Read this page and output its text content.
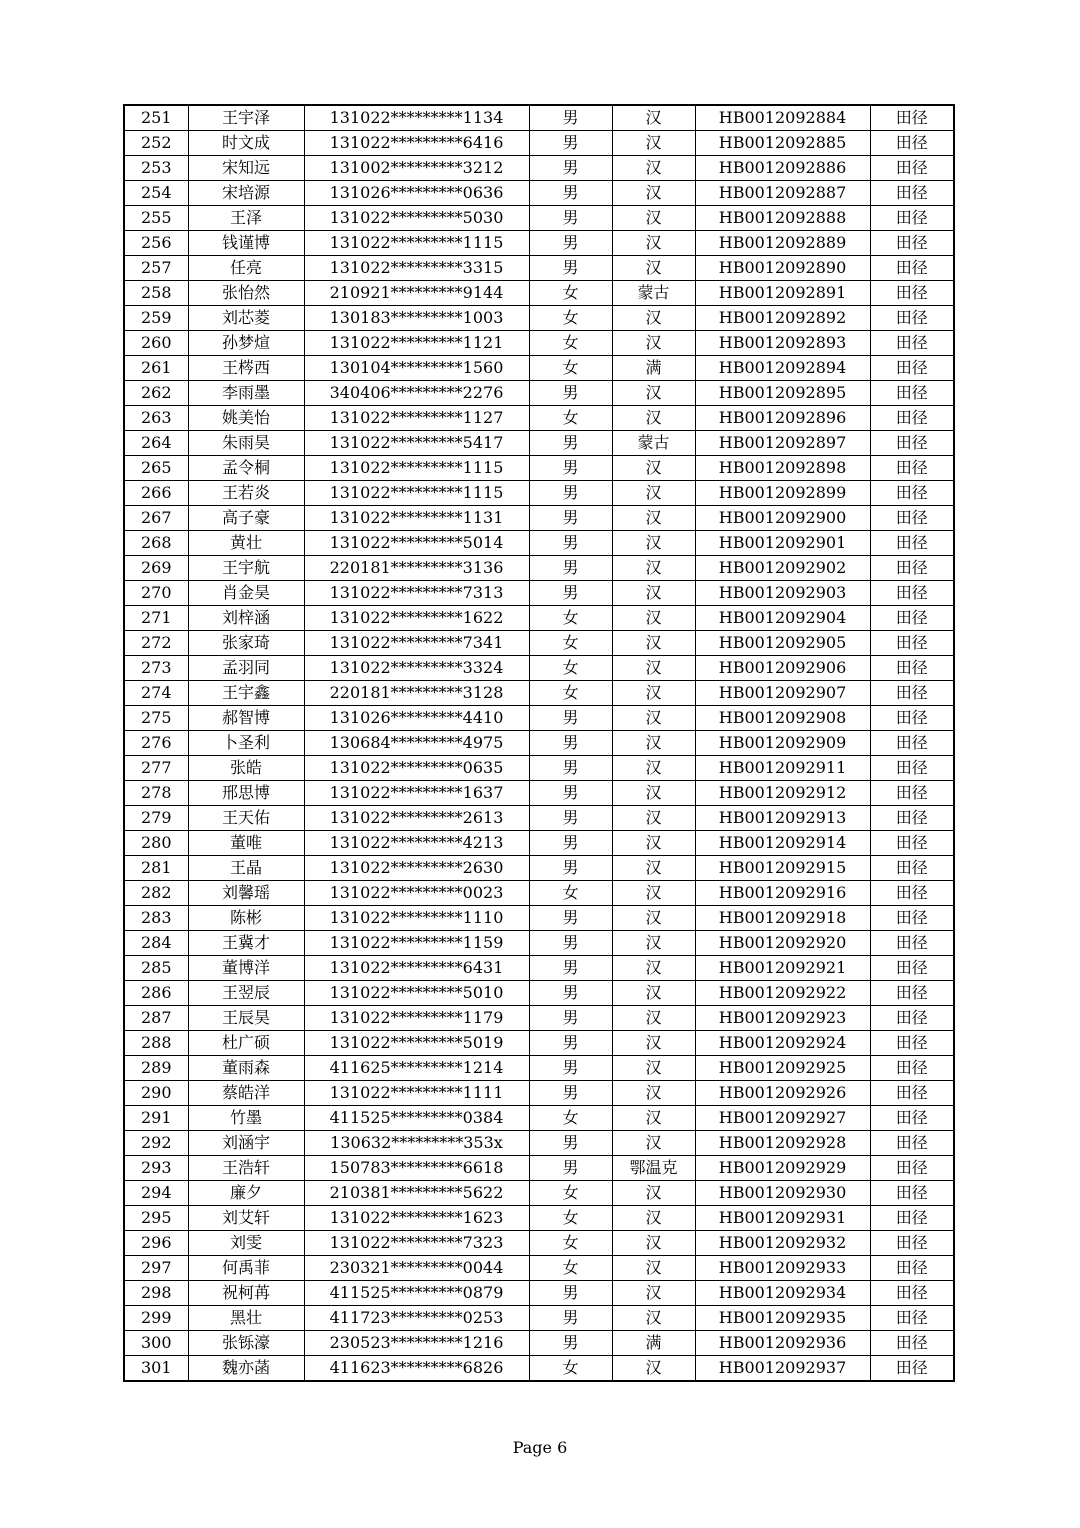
251	王宇泽	131022*********1134	男	汉	HB0012092884	田径
252	时文成	131022*********6416	男	汉	HB0012092885	田径
253	宋知远	131002*********3212	男	汉	HB0012092886	田径
254	宋培源	131026*********0636	男	汉	HB0012092887	田径
255	王泽	131022*********5030	男	汉	HB0012092888	田径
256	钱谨博	131022*********1115	男	汉	HB0012092889	田径
257	任亮	131022*********3315	男	汉	HB0012092890	田径
258	张怡然	210921*********9144	女	蒙古	HB0012092891	田径
259	刘芯菱	130183*********1003	女	汉	HB0012092892	田径
260	孙梦煊	131022*********1121	女	汉	HB0012092893	田径
261	王梣西	130104*********1560	女	满	HB0012092894	田径
262	李雨墨	340406*********2276	男	汉	HB0012092895	田径
263	姚美怡	131022*********1127	女	汉	HB0012092896	田径
264	朱雨昊	131022*********5417	男	蒙古	HB0012092897	田径
265	孟令桐	131022*********1115	男	汉	HB0012092898	田径
266	王若炎	131022*********1115	男	汉	HB0012092899	田径
267	高子豪	131022*********1131	男	汉	HB0012092900	田径
268	黄壮	131022*********5014	男	汉	HB0012092901	田径
269	王宇航	220181*********3136	男	汉	HB0012092902	田径
270	肖金昊	131022*********7313	男	汉	HB0012092903	田径
271	刘梓涵	131022*********1622	女	汉	HB0012092904	田径
272	张家琦	131022*********7341	女	汉	HB0012092905	田径
273	孟羽同	131022*********3324	女	汉	HB0012092906	田径
274	王宇鑫	220181*********3128	女	汉	HB0012092907	田径
275	郝智博	131026*********4410	男	汉	HB0012092908	田径
276	卜圣利	130684*********4975	男	汉	HB0012092909	田径
277	张皓	131022*********0635	男	汉	HB0012092911	田径
278	邢思博	131022*********1637	男	汉	HB0012092912	田径
279	王天佑	131022*********2613	男	汉	HB0012092913	田径
280	董唯	131022*********4213	男	汉	HB0012092914	田径
281	王晶	131022*********2630	男	汉	HB0012092915	田径
282	刘馨瑶	131022*********0023	女	汉	HB0012092916	田径
283	陈彬	131022*********1110	男	汉	HB0012092918	田径
284	王冀才	131022*********1159	男	汉	HB0012092920	田径
285	董博洋	131022*********6431	男	汉	HB0012092921	田径
286	王翌辰	131022*********5010	男	汉	HB0012092922	田径
287	王辰昊	131022*********1179	男	汉	HB0012092923	田径
288	杜广硕	131022*********5019	男	汉	HB0012092924	田径
289	董雨森	411625*********1214	男	汉	HB0012092925	田径
290	蔡皓洋	131022*********1111	男	汉	HB0012092926	田径
291	竹墨	411525*********0384	女	汉	HB0012092927	田径
292	刘涵宇	130632*********353x	男	汉	HB0012092928	田径
293	王浩轩	150783*********6618	男	鄂温克	HB0012092929	田径
294	廉夕	210381*********5622	女	汉	HB0012092930	田径
295	刘艾轩	131022*********1623	女	汉	HB0012092931	田径
296	刘雯	131022*********7323	女	汉	HB0012092932	田径
297	何禹菲	230321*********0044	女	汉	HB0012092933	田径
298	祝柯苒	411525*********0879	男	汉	HB0012092934	田径
299	黑壮	411723*********0253	男	汉	HB0012092935	田径
300	张铄濠	230523*********1216	男	满	HB0012092936	田径
301	魏亦菡	411623*********6826	女	汉	HB0012092937	田径
Page 6
